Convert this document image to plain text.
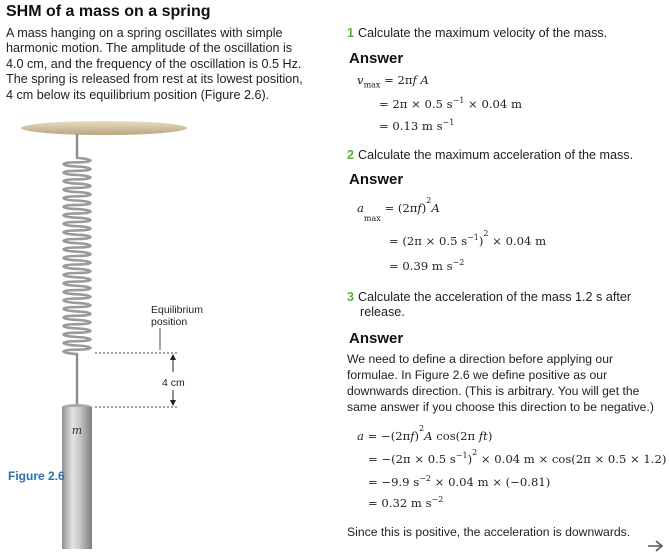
SHM of a mass on a spring
A mass hanging on a spring oscillates with simple
harmonic motion. The amplitude of the oscillation is
4.0 cm, and the frequency of the oscillation is 0.5 Hz.
The spring is released from rest at its lowest position,
4 cm below its equilibrium position (Figure 2.6).
m
Equilibrium
position
4 cm
Figure 2.6
1 Calculate the maximum velocity of the mass.
Answer
$v_{max} = 2\pi f$ A
= 2π × 0.5 $s^{-1} \times 0.04$ m
= 0.13 m $s^{-1}$
2 Calculate the maximum acceleration of the mass.
Answer
$a_{max} = (2\pi f)^2A$
= (2π × 0.5 $s^{-1})^2 \times 0.04$ m
= 0.39 m $s^{-2}$
3 Calculate the acceleration of the mass 1.2 s after
release.
Answer
We need to define a direction before applying our
formulae. In Figure 2.6 we define positive as our
downwards direction. (This is arbitrary. You will get the
same answer if you choose this direction to be negative.)
$a = -(2\pi f)^2A$ cos(2π ft)
= −(2π × 0.5 $s^{-1})^2 \times 0.04$ m × cos(2π × 0.5 × 1.2)
= −9.9 $s^{-2} \times 0.04$ m × (−0.81)
= 0.32 m $s^{-2}$
Since this is positive, the acceleration is downwards.
